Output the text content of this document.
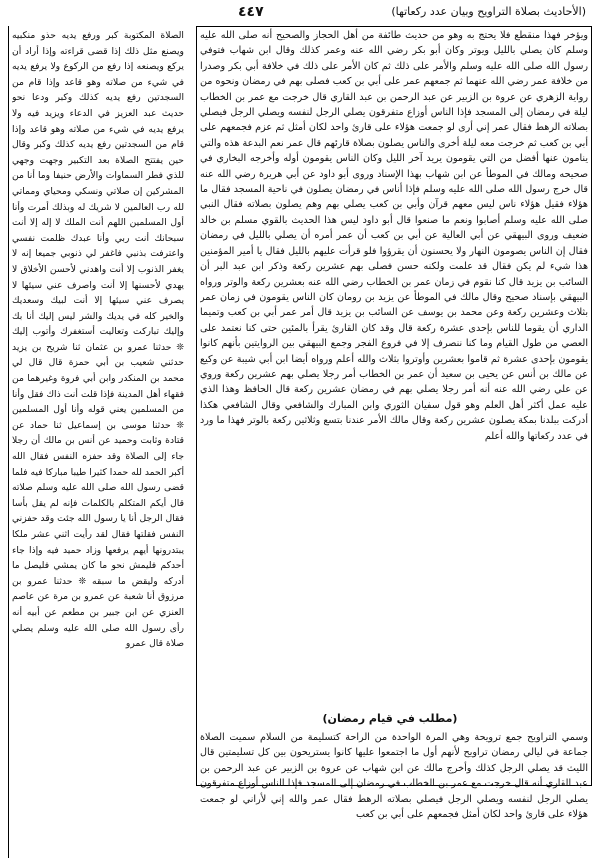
(الأحاديث بصلاة التراويح وبيان عدد ركعاتها)
٤٤٧

ويؤخر فهذا منقطع فلا يحتج به وهو من حديث طائفة من أهل الحجاز والصحيح أنه صلى الله عليه وسلم كان يصلي بالليل ويوتر وكان أبو بكر رضي الله عنه وعمر كذلك وقال ابن شهاب فتوفي رسول الله صلى الله عليه وسلم والأمر على ذلك ثم كان الأمر على ذلك في خلافة أبي بكر وصدرا من خلافة عمر رضي الله عنهما ثم جمعهم عمر على أبي بن كعب فصلى بهم في رمضان ونحوه من رواية الزهري عن عروة بن الزبير عن عبد الرحمن بن عبد القاري قال خرجت مع عمر بن الخطاب ليلة في رمضان إلى المسجد فإذا الناس أوزاع متفرقون يصلي الرجل لنفسه ويصلي الرجل فيصلي بصلاته الرهط فقال عمر إني أرى لو جمعت هؤلاء على قارئ واحد لكان أمثل ثم عزم فجمعهم على أبي بن كعب ثم خرجت معه ليلة أخرى والناس يصلون بصلاة قارئهم قال عمر نعم البدعة هذه والتي ينامون عنها أفضل من التي يقومون يريد آخر الليل وكان الناس يقومون أوله وأخرجه البخاري في صحيحه ومالك في الموطأ عن ابن شهاب بهذا الإسناد وروى أبو داود عن أبي هريرة رضي الله عنه قال خرج رسول الله صلى الله عليه وسلم فإذا أناس في رمضان يصلون في ناحية المسجد فقال ما هؤلاء فقيل هؤلاء ناس ليس معهم قرآن وأبي بن كعب يصلي بهم وهم يصلون بصلاته فقال النبي صلى الله عليه وسلم أصابوا ونعم ما صنعوا قال أبو داود ليس هذا الحديث بالقوي مسلم بن خالد ضعيف وروى البيهقي عن أبي العالية عن أبي بن كعب أن عمر أمره أن يصلي بالليل في رمضان فقال إن الناس يصومون النهار ولا يحسنون أن يقرؤوا فلو قرأت عليهم بالليل فقال يا أمير المؤمنين هذا شيء لم يكن فقال قد علمت ولكنه حسن فصلى بهم عشرين ركعة وذكر ابن عبد البر أن السائب بن يزيد قال كنا نقوم في زمان عمر بن الخطاب رضي الله عنه بعشرين ركعة والوتر ورواه البيهقي بإسناد صحيح وقال مالك في الموطأ عن يزيد بن رومان كان الناس يقومون في زمان عمر بثلاث وعشرين ركعة وعن محمد بن يوسف عن السائب بن يزيد قال أمر عمر أبي بن كعب وتميما الداري أن يقوما للناس بإحدى عشرة ركعة قال وقد كان القارئ يقرأ بالمئين حتى كنا نعتمد على العصي من طول القيام وما كنا ننصرف إلا في فروع الفجر وجمع البيهقي بين الروايتين بأنهم كانوا يقومون بإحدى عشرة ثم قاموا بعشرين وأوتروا بثلاث والله أعلم ورواه أيضا ابن أبي شيبة عن وكيع عن مالك بن أنس عن يحيى بن سعيد أن عمر بن الخطاب أمر رجلا يصلي بهم عشرين ركعة وروي عن علي رضي الله عنه أنه أمر رجلا يصلي بهم في رمضان عشرين ركعة قال الحافظ وهذا الذي عليه عمل أكثر أهل العلم وهو قول سفيان الثوري وابن المبارك والشافعي وقال الشافعي هكذا أدركت ببلدنا بمكة يصلون عشرين ركعة وقال مالك الأمر عندنا بتسع وثلاثين ركعة بالوتر فهذا ما ورد في عدد ركعاتها والله أعلم

(مطلب في قيام رمضان)

وسمي التراويح جمع ترويحة وهي المرة الواحدة من الراحة كتسليمة من السلام سميت الصلاة جماعة في ليالي رمضان تراويح لأنهم أول ما اجتمعوا عليها كانوا يستريحون بين كل تسليمتين قال الليث قد يصلي الرجل كذلك وأخرج مالك عن ابن شهاب عن عروة بن الزبير عن عبد الرحمن بن عبد القاري أنه قال خرجت مع عمر بن الخطاب في رمضان إلى المسجد فإذا الناس أوزاع متفرقون يصلي الرجل لنفسه ويصلي الرجل فيصلي بصلاته الرهط فقال عمر والله إني لأراني لو جمعت هؤلاء على قارئ واحد لكان أمثل فجمعهم على أبي بن كعب

الصلاة المكتوبة كبر ورفع يديه حذو منكبيه ويصنع مثل ذلك إذا قضى قراءته وإذا أراد أن يركع ويصنعه إذا رفع من الركوع ولا يرفع يديه في شيء من صلاته وهو قاعد وإذا قام من السجدتين رفع يديه كذلك وكبر ودعا نحو حديث عبد العزيز في الدعاء ويزيد فيه ولا يرفع يديه في شيء من صلاته وهو قاعد وإذا قام من السجدتين رفع يديه كذلك وكبر وقال حين يفتتح الصلاة بعد التكبير وجهت وجهي للذي فطر السماوات والأرض حنيفا وما أنا من المشركين إن صلاتي ونسكي ومحياي ومماتي لله رب العالمين لا شريك له وبذلك أمرت وأنا أول المسلمين اللهم أنت الملك لا إله إلا أنت سبحانك أنت ربي وأنا عبدك ظلمت نفسي واعترفت بذنبي فاغفر لي ذنوبي جميعا إنه لا يغفر الذنوب إلا أنت واهدني لأحسن الأخلاق لا يهدي لأحسنها إلا أنت واصرف عني سيئها لا يصرف عني سيئها إلا أنت لبيك وسعديك والخير كله في يديك والشر ليس إليك أنا بك وإليك تباركت وتعاليت أستغفرك وأتوب إليك ❊ حدثنا عمرو بن عثمان ثنا شريح بن يزيد حدثني شعيب بن أبي حمزة قال قال لي محمد بن المنكدر وابن أبي فروة وغيرهما من فقهاء أهل المدينة فإذا قلت أنت ذاك فقل وأنا من المسلمين يعني قوله وأنا أول المسلمين ❊ حدثنا موسى بن إسماعيل ثنا حماد عن قتادة وثابت وحميد عن أنس بن مالك أن رجلا جاء إلى الصلاة وقد حفزه النفس فقال الله أكبر الحمد لله حمدا كثيرا طيبا مباركا فيه فلما قضى رسول الله صلى الله عليه وسلم صلاته قال أيكم المتكلم بالكلمات فإنه لم يقل بأسا فقال الرجل أنا يا رسول الله جئت وقد حفزني النفس فقلتها فقال لقد رأيت اثني عشر ملكا يبتدرونها أيهم يرفعها وزاد حميد فيه وإذا جاء أحدكم فليمش نحو ما كان يمشي فليصل ما أدركه وليقض ما سبقه ❊ حدثنا عمرو بن مرزوق أنا شعبة عن عمرو بن مرة عن عاصم العنزي عن ابن جبير بن مطعم عن أبيه أنه رأى رسول الله صلى الله عليه وسلم يصلي صلاة قال عمرو
